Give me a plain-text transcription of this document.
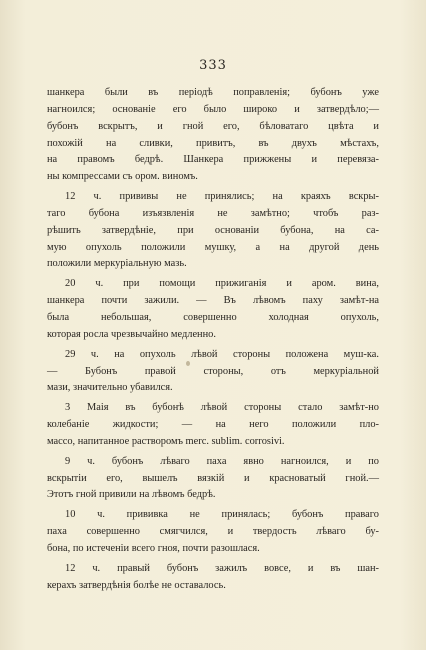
333
шанкера были въ періодѣ поправленія; бубонъ уже
нагноился; основаніе его было широко и затвердѣло;—
бубонъ вскрытъ, и гной его, бѣловатаго цвѣта и
похожій на сливки, привитъ, въ двухъ мѣстахъ,
на правомъ бедрѣ. Шанкера прижжены и перевяза-
ны компрессами съ ором. виномъ.
12 ч. прививы не принялись; на краяхъ вскры-
таго бубона изъязвленія не замѣтно; чтобъ раз-
рѣшить затвердѣніе, при основаніи бубона, на са-
мую опухоль положили мушку, а на другой день
положили меркуріальную мазь.
20 ч. при помощи прижиганія и аром. вина,
шанкера почти зажили. — Въ лѣвомъ паху замѣт-на
была небольшая, совершенно холодная опухоль,
которая росла чрезвычайно медленно.
29 ч. на опухоль лѣвой стороны положена муш-ка.
— Бубонъ правой стороны, отъ меркуріальной
мази, значительно убавился.
3 Маія въ бубонѣ лѣвой стороны стало замѣт-но
колебаніе жидкости; — на него положили пло-
массо, напитанное растворомъ merc. sublim. corrosivi.
9 ч. бубонъ лѣваго паха явно нагноился, и по
вскрытіи его, вышелъ вязкій и красноватый гной.—
Этотъ гной привили на лѣвомъ бедрѣ.
10 ч. прививка не принялась; бубонъ праваго
паха совершенно смягчился, и твердость лѣваго бу-
бона, по истеченіи всего гноя, почти разошлася.
12 ч. правый бубонъ зажилъ вовсе, и въ шан-
керахъ затвердѣнія болѣе не оставалось.
